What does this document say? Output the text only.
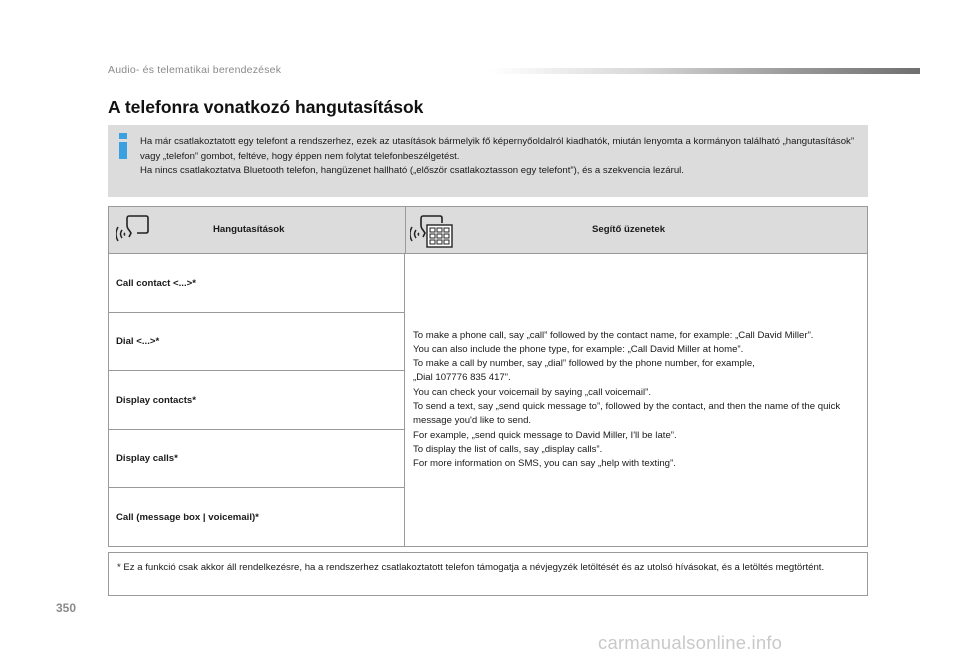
Audio- és telematikai berendezések
A telefonra vonatkozó hangutasítások

Ha már csatlakoztatott egy telefont a rendszerhez, ezek az utasítások bármelyik fő képernyőoldalról kiadhatók, miután lenyomta a kormányon található „hangutasítások” vagy „telefon” gombot, feltéve, hogy éppen nem folytat telefonbeszélgetést.

Ha nincs csatlakoztatva Bluetooth telefon, hangüzenet hallható („először csatlakoztasson egy telefont”), és a szekvencia lezárul.

Hangutasítások	Segítő üzenetek
Call contact <...>*
Dial <...>*
Display contacts*
Display calls*
Call (message box | voicemail)*

To make a phone call, say „call” followed by the contact name, for example: „Call David Miller”.

You can also include the phone type, for example: „Call David Miller at home”.

To make a call by number, say „dial” followed by the phone number, for example,

„Dial 107776 835 417”.

You can check your voicemail by saying „call voicemail”.

To send a text, say „send quick message to”, followed by the contact, and then the name of the quick message you'd like to send.

For example, „send quick message to David Miller, I'll be late”.

To display the list of calls, say „display calls”.

For more information on SMS, you can say „help with texting”.

* Ez a funkció csak akkor áll rendelkezésre, ha a rendszerhez csatlakoztatott telefon támogatja a névjegyzék letöltését és az utolsó hívásokat, és a letöltés megtörtént.
350
carmanualsonline.info
